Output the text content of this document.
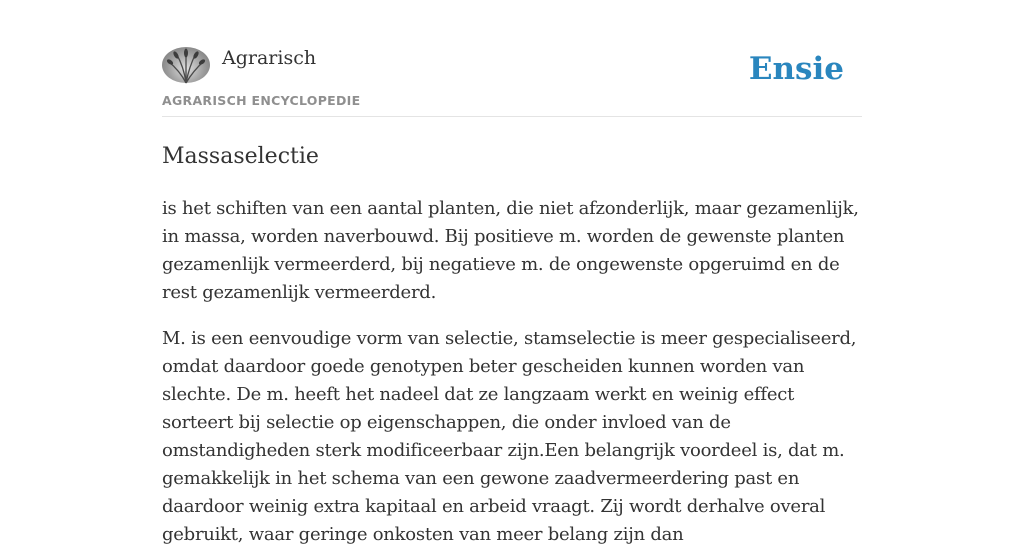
Agrarisch
AGRARISCH ENCYCLOPEDIE
Ensie
Massaselectie

is het schiften van een aantal planten, die niet afzonderlijk, maar gezamenlijk, in massa, worden naverbouwd. Bij positieve m. worden de gewenste planten gezamenlijk vermeerderd, bij negatieve m. de ongewenste opgeruimd en de rest gezamenlijk vermeerderd.

M. is een eenvoudige vorm van selectie, stamselectie is meer gespecialiseerd, omdat daardoor goede genotypen beter gescheiden kunnen worden van slechte. De m. heeft het nadeel dat ze langzaam werkt en weinig effect sorteert bij selectie op eigenschappen, die onder invloed van de omstandigheden sterk modificeerbaar zijn.Een belangrijk voordeel is, dat m. gemakkelijk in het schema van een gewone zaadvermeerdering past en daardoor weinig extra kapitaal en arbeid vraagt. Zij wordt derhalve overal gebruikt, waar geringe onkosten van meer belang zijn dan
